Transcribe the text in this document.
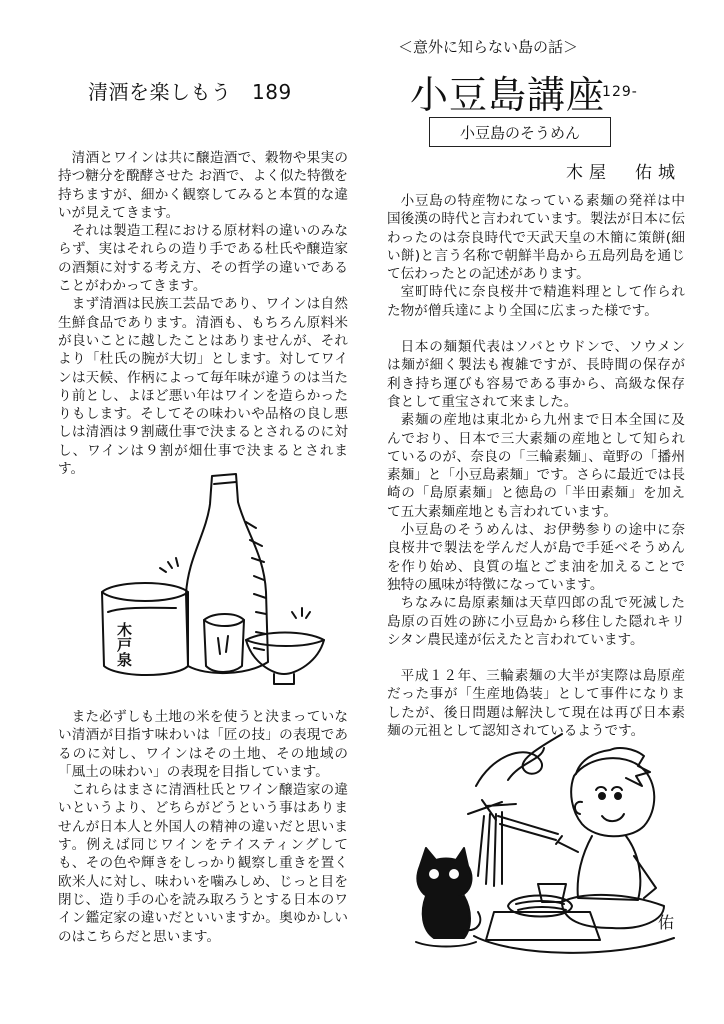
清酒を楽しもう　189

清酒とワインは共に醸造酒で、穀物や果実の持つ糖分を醗酵させた お酒で、よく似た特徴を持ちますが、細かく観察してみると本質的な違いが見えてきます。

それは製造工程における原材料の違いのみならず、実はそれらの造り手である杜氏や醸造家の酒類に対する考え方、その哲学の違いであることがわかってきます。

まず清酒は民族工芸品であり、ワインは自然生鮮食品であります。清酒も、もちろん原料米が良いことに越したことはありませんが、それより「杜氏の腕が大切」とします。対してワインは天候、作柄によって毎年味が違うのは当たり前とし、よほど悪い年はワインを造らかったりもします。そしてその味わいや品格の良し悪しは清酒は９割蔵仕事で決まるとされるのに対し、ワインは９割が畑仕事で決まるとされます。

木戸泉

また必ずしも土地の米を使うと決まっていない清酒が目指す味わいは「匠の技」の表現であるのに対し、ワインはその土地、その地域の「風土の味わい」の表現を目指しています。

これらはまさに清酒杜氏とワイン醸造家の違いというより、どちらがどうという事はありませんが日本人と外国人の精神の違いだと思います。例えば同じワインをテイスティングしても、その色や輝きをしっかり観察し重きを置く欧米人に対し、味わいを噛みしめ、じっと目を閉じ、造り手の心を読み取ろうとする日本のワイン鑑定家の違いだといいますか。奥ゆかしいのはこちらだと思います。

＜意外に知らない島の話＞
小豆島講座
-129-
小豆島のそうめん
木屋　佑城

小豆島の特産物になっている素麺の発祥は中国後漢の時代と言われています。製法が日本に伝わったのは奈良時代で天武天皇の木簡に策餅(細い餅)と言う名称で朝鮮半島から五島列島を通じて伝わったとの記述があります。

室町時代に奈良桜井で精進料理として作られた物が僧兵達により全国に広まった様です。

日本の麺類代表はソバとウドンで、ソウメンは麺が細く製法も複雑ですが、長時間の保存が利き持ち運びも容易である事から、高級な保存食として重宝されて来ました。

素麺の産地は東北から九州まで日本全国に及んでおり、日本で三大素麺の産地として知られているのが、奈良の「三輪素麺」、竜野の「播州素麺」と「小豆島素麺」です。さらに最近では長崎の「島原素麺」と徳島の「半田素麺」を加えて五大素麺産地とも言われています。

小豆島のそうめんは、お伊勢参りの途中に奈良桜井で製法を学んだ人が島で手延べそうめんを作り始め、良質の塩とごま油を加えることで独特の風味が特徴になっています。

ちなみに島原素麺は天草四郎の乱で死滅した島原の百姓の跡に小豆島から移住した隠れキリシタン農民達が伝えたと言われています。

平成１２年、三輪素麺の大半が実際は島原産だった事が「生産地偽装」として事件になりましたが、後日問題は解決して現在は再び日本素麺の元祖として認知されているようです。

佑
